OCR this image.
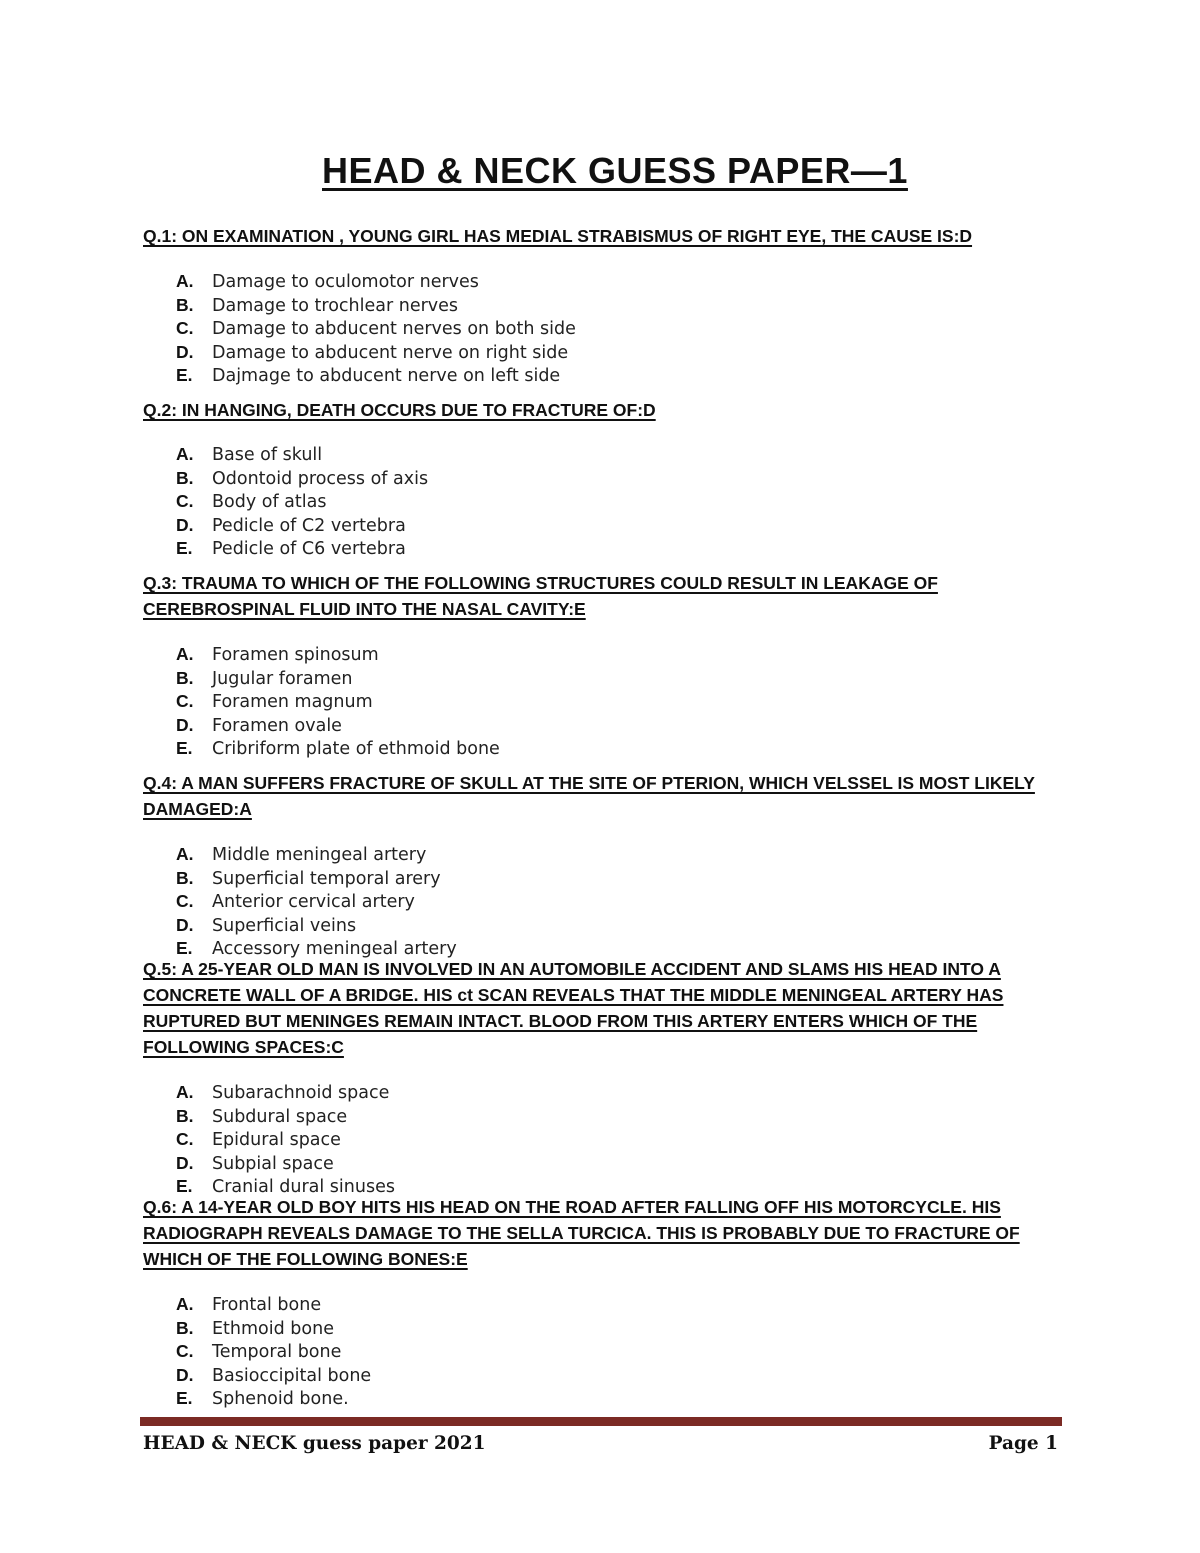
HEAD & NECK GUESS PAPER—1
Q.1: ON EXAMINATION , YOUNG GIRL HAS MEDIAL STRABISMUS OF RIGHT EYE, THE CAUSE IS:D
A. Damage to oculomotor nerves
B. Damage to trochlear nerves
C. Damage to abducent nerves on both side
D. Damage to abducent nerve on right side
E. Dajmage to abducent nerve on left side
Q.2: IN HANGING, DEATH OCCURS DUE TO FRACTURE OF:D
A. Base of skull
B. Odontoid process of axis
C. Body of atlas
D. Pedicle of C2 vertebra
E. Pedicle of C6 vertebra
Q.3: TRAUMA TO WHICH OF THE FOLLOWING STRUCTURES COULD RESULT IN LEAKAGE OF CEREBROSPINAL FLUID INTO THE NASAL CAVITY:E
A. Foramen spinosum
B. Jugular foramen
C. Foramen magnum
D. Foramen ovale
E. Cribriform plate of ethmoid bone
Q.4: A MAN SUFFERS FRACTURE OF SKULL AT THE SITE OF PTERION, WHICH VELSSEL IS MOST LIKELY DAMAGED:A
A. Middle meningeal artery
B. Superficial temporal arery
C. Anterior cervical artery
D. Superficial veins
E. Accessory meningeal artery
Q.5: A 25-YEAR OLD MAN IS INVOLVED IN AN AUTOMOBILE ACCIDENT AND SLAMS HIS HEAD INTO A CONCRETE WALL OF A BRIDGE. HIS ct SCAN REVEALS THAT THE MIDDLE MENINGEAL ARTERY HAS RUPTURED BUT MENINGES REMAIN INTACT. BLOOD FROM THIS ARTERY ENTERS WHICH OF THE FOLLOWING SPACES:C
A. Subarachnoid space
B. Subdural space
C. Epidural space
D. Subpial space
E. Cranial dural sinuses
Q.6: A 14-YEAR OLD BOY HITS HIS HEAD ON THE ROAD AFTER FALLING OFF HIS MOTORCYCLE. HIS RADIOGRAPH REVEALS DAMAGE TO THE SELLA TURCICA. THIS IS PROBABLY DUE TO FRACTURE OF WHICH OF THE FOLLOWING BONES:E
A. Frontal bone
B. Ethmoid bone
C. Temporal bone
D. Basioccipital bone
E. Sphenoid bone.
HEAD & NECK guess paper 2021	Page 1
